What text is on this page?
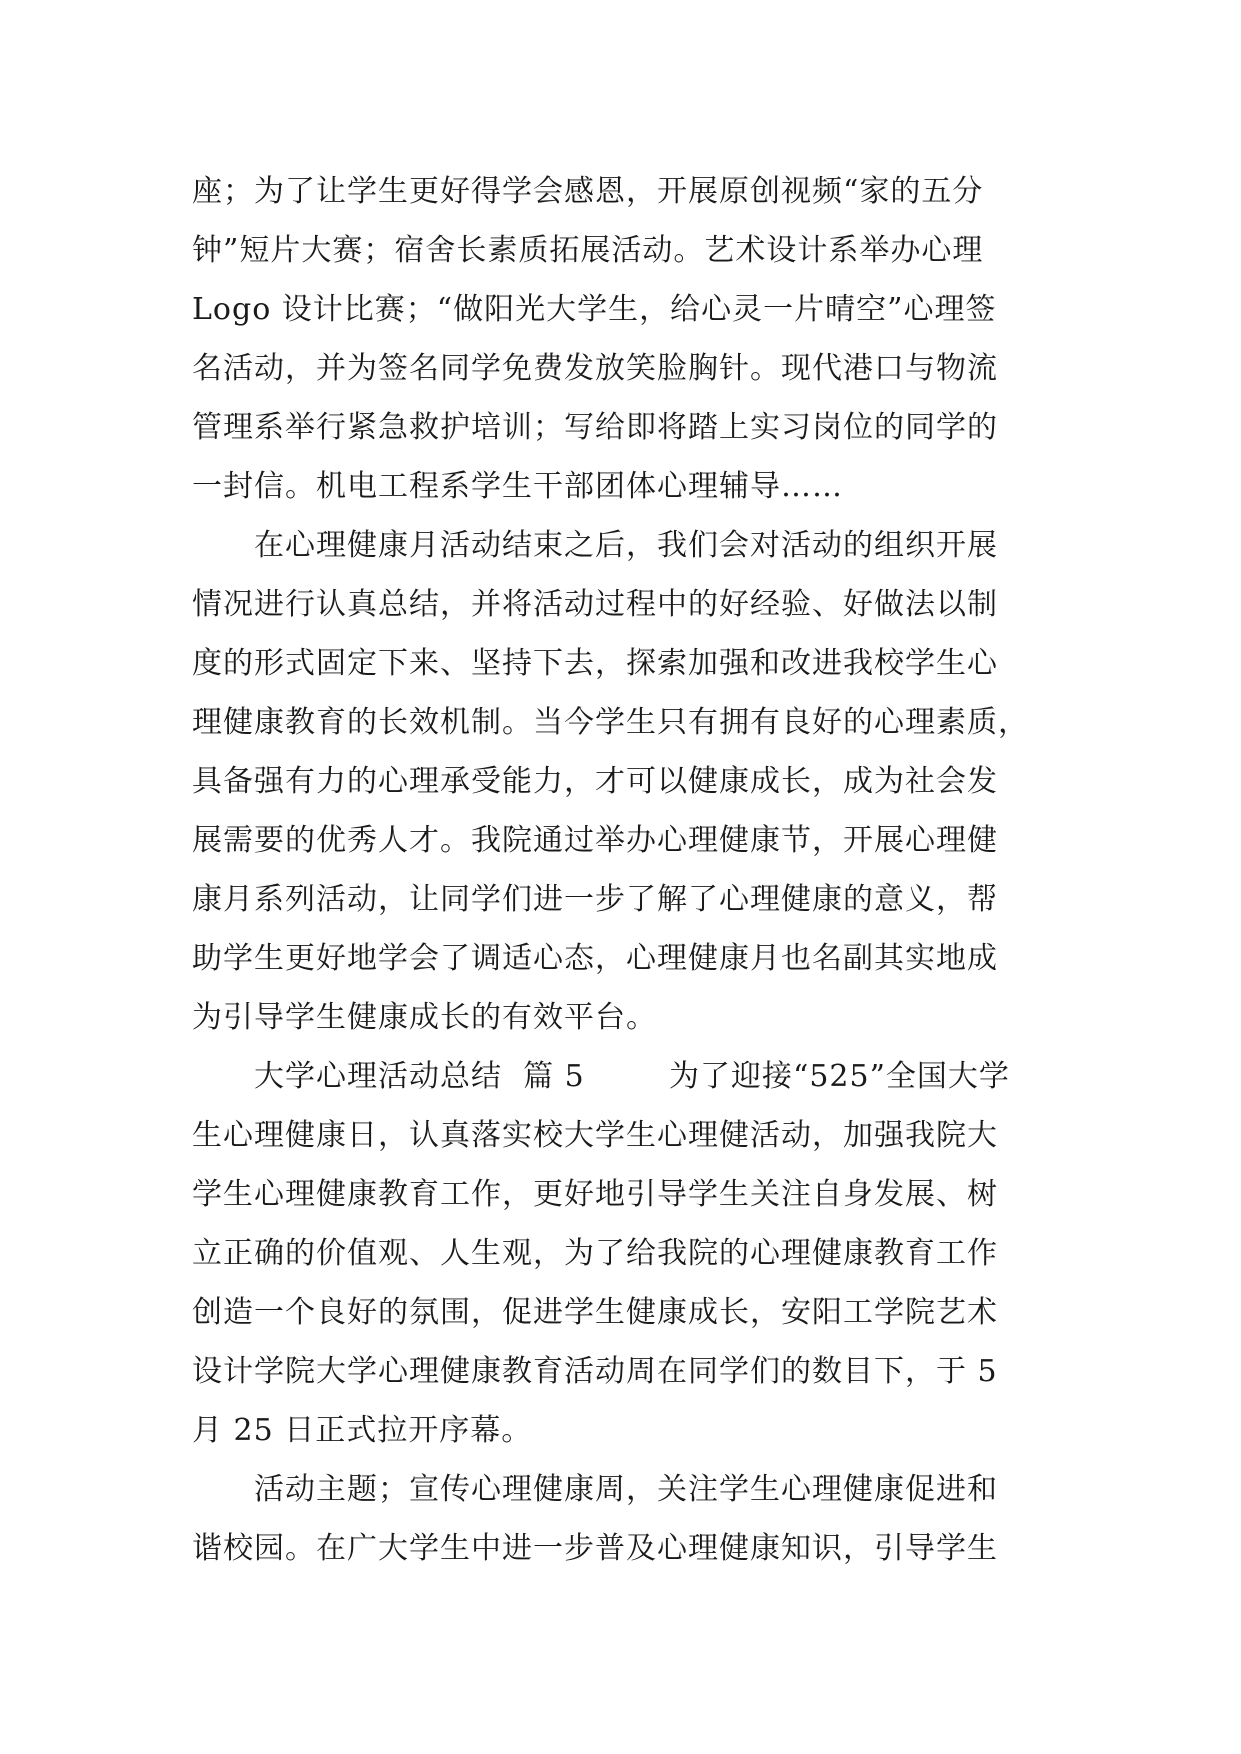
座；为了让学生更好得学会感恩，开展原创视频“家的五分
钟”短片大赛；宿舍长素质拓展活动。艺术设计系举办心理
Logo 设计比赛；“做阳光大学生，给心灵一片晴空”心理签
名活动，并为签名同学免费发放笑脸胸针。现代港口与物流
管理系举行紧急救护培训；写给即将踏上实习岗位的同学的
一封信。机电工程系学生干部团体心理辅导……

在心理健康月活动结束之后，我们会对活动的组织开展
情况进行认真总结，并将活动过程中的好经验、好做法以制
度的形式固定下来、坚持下去，探索加强和改进我校学生心
理健康教育的长效机制。当今学生只有拥有良好的心理素质，
具备强有力的心理承受能力，才可以健康成长，成为社会发
展需要的优秀人才。我院通过举办心理健康节，开展心理健
康月系列活动，让同学们进一步了解了心理健康的意义，帮
助学生更好地学会了调适心态，心理健康月也名副其实地成
为引导学生健康成长的有效平台。

大学心理活动总结  篇 5        为了迎接“525”全国大学
生心理健康日，认真落实校大学生心理健活动，加强我院大
学生心理健康教育工作，更好地引导学生关注自身发展、树
立正确的价值观、人生观，为了给我院的心理健康教育工作
创造一个良好的氛围，促进学生健康成长，安阳工学院艺术
设计学院大学心理健康教育活动周在同学们的数目下，于 5
月 25 日正式拉开序幕。

活动主题；宣传心理健康周，关注学生心理健康促进和
谐校园。在广大学生中进一步普及心理健康知识，引导学生
